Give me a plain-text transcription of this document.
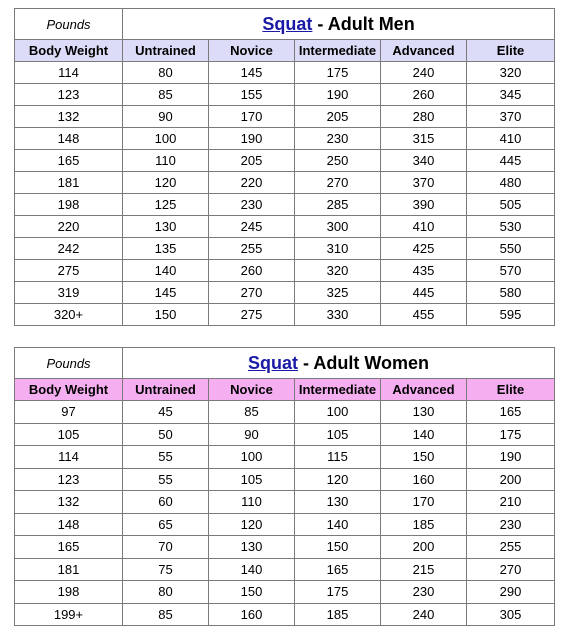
Pounds	Squat - Adult Men				
Body Weight	Untrained	Novice	Intermediate	Advanced	Elite
114	80	145	175	240	320
123	85	155	190	260	345
132	90	170	205	280	370
148	100	190	230	315	410
165	110	205	250	340	445
181	120	220	270	370	480
198	125	230	285	390	505
220	130	245	300	410	530
242	135	255	310	425	550
275	140	260	320	435	570
319	145	270	325	445	580
320+	150	275	330	455	595
Pounds	Squat - Adult Women				
Body Weight	Untrained	Novice	Intermediate	Advanced	Elite
97	45	85	100	130	165
105	50	90	105	140	175
114	55	100	115	150	190
123	55	105	120	160	200
132	60	110	130	170	210
148	65	120	140	185	230
165	70	130	150	200	255
181	75	140	165	215	270
198	80	150	175	230	290
199+	85	160	185	240	305
